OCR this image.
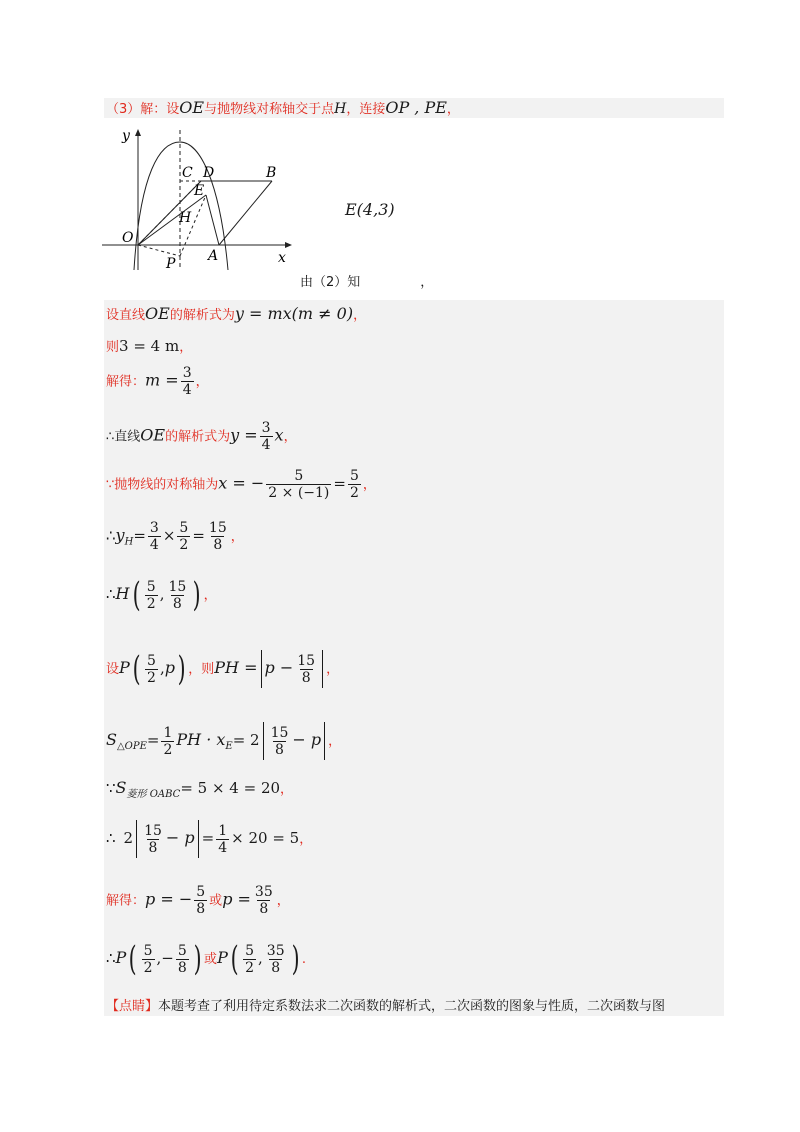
（3）解：设OE与抛物线对称轴交于点H，连接OP , PE，
y
x
O
C D	B
E
H
P A
E(4,3)
由（2）知	，
设直线OE的解析式为y = mx(m ≠ 0)，
则3 = 4 m，
解得：$m = \frac{3}{4}$ ，
∴直线OE的解析式为$y = \frac{3}{4}$ x，
∵抛物线的对称轴为x = − $\frac{5}{2 \times (-1)} = \frac{5}{2}$ ，
$\therefore y_H= \frac{3}{4} \times \frac{5}{2} = \frac{15}{8}$ ，
∴H( $\frac{5}{2}$ , $\frac{15}{8}$ ) ，
设$P( \frac{5}{2} ,p)$ ，则PH = $p - \frac{15}{8}$ ，
$S_{\triangle OPE}= \frac{1}{2}$ PH · $x_E= 2 \frac{15}{8} - p$ ，
$\because S_{菱形 OABC}= 5 \times 4 = 20$，
∴ $2 \frac{15}{8} - p = \frac{1}{4} \times 20 = 5$，
解得：p = − $\frac{5}{8}$ 或$p = \frac{35}{8}$ ，
∴P( $\frac{5}{2}$ ,− $\frac{5}{8}$ ) 或$P( \frac{5}{2}$ , $\frac{35}{8}$ ) .
【点睛】本题考查了利用待定系数法求二次函数的解析式，二次函数的图象与性质，二次函数与图
